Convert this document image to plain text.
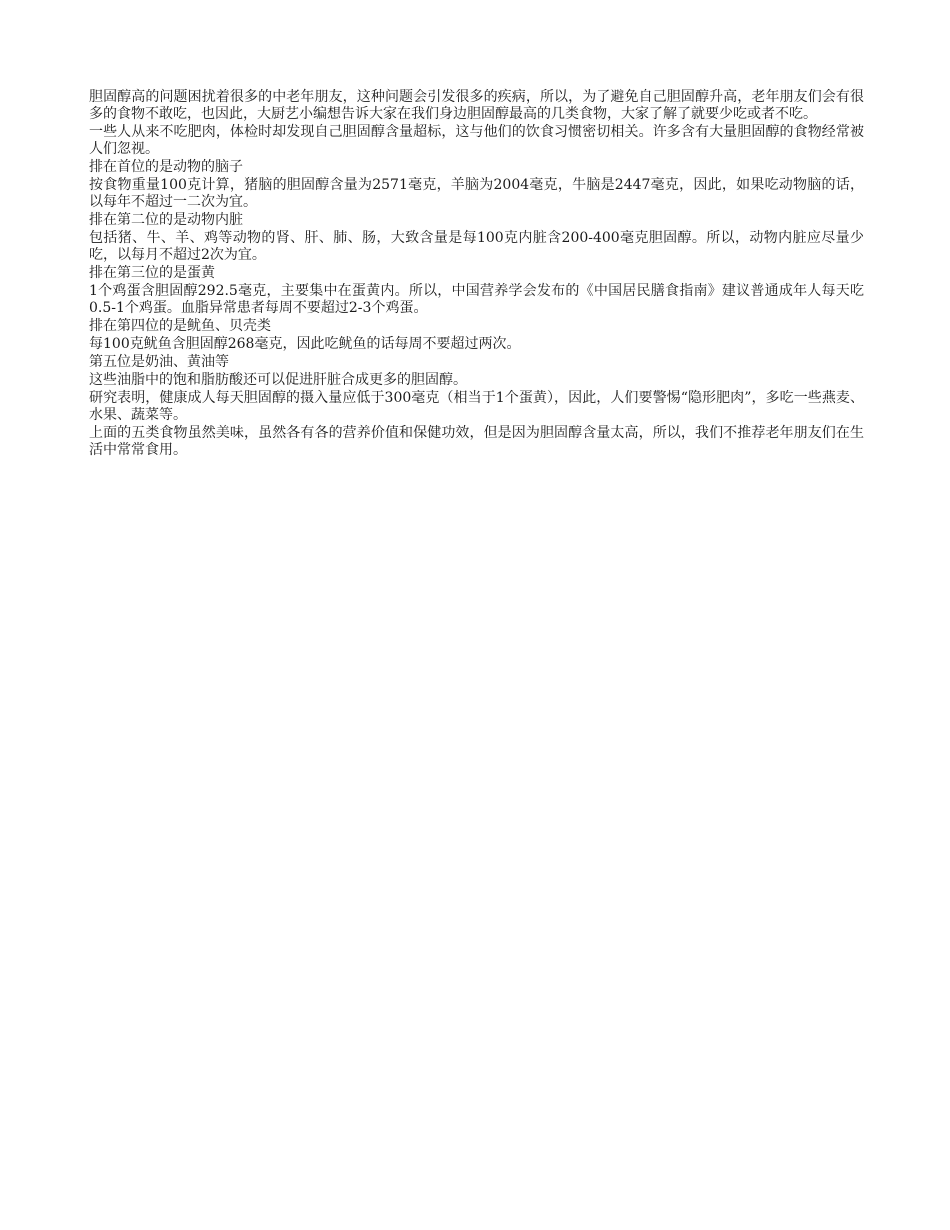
胆固醇高的问题困扰着很多的中老年朋友，这种问题会引发很多的疾病，所以，为了避免自己胆固醇升高，老年朋友们会有很多的食物不敢吃，也因此，大厨艺小编想告诉大家在我们身边胆固醇最高的几类食物，大家了解了就要少吃或者不吃。

一些人从来不吃肥肉，体检时却发现自己胆固醇含量超标，这与他们的饮食习惯密切相关。许多含有大量胆固醇的食物经常被人们忽视。

排在首位的是动物的脑子

按食物重量100克计算，猪脑的胆固醇含量为2571毫克，羊脑为2004毫克，牛脑是2447毫克，因此，如果吃动物脑的话，以每年不超过一二次为宜。

排在第二位的是动物内脏

包括猪、牛、羊、鸡等动物的肾、肝、肺、肠，大致含量是每100克内脏含200-400毫克胆固醇。所以，动物内脏应尽量少吃，以每月不超过2次为宜。

排在第三位的是蛋黄

1个鸡蛋含胆固醇292.5毫克，主要集中在蛋黄内。所以，中国营养学会发布的《中国居民膳食指南》建议普通成年人每天吃0.5-1个鸡蛋。血脂异常患者每周不要超过2-3个鸡蛋。

排在第四位的是鱿鱼、贝壳类

每100克鱿鱼含胆固醇268毫克，因此吃鱿鱼的话每周不要超过两次。

第五位是奶油、黄油等

这些油脂中的饱和脂肪酸还可以促进肝脏合成更多的胆固醇。

研究表明，健康成人每天胆固醇的摄入量应低于300毫克（相当于1个蛋黄），因此，人们要警惕“隐形肥肉”，多吃一些燕麦、水果、蔬菜等。

上面的五类食物虽然美味，虽然各有各的营养价值和保健功效，但是因为胆固醇含量太高，所以，我们不推荐老年朋友们在生活中常常食用。
